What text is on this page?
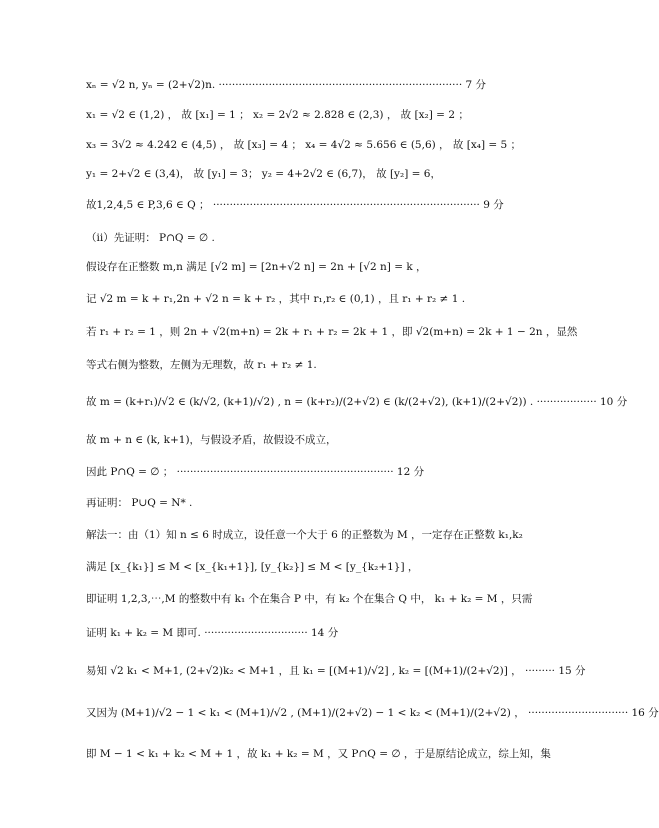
xₙ = √2 n, yₙ = (2+√2)n. ········································································· 7 分
x₁ = √2 ∈ (1,2) ， 故 [x₁] = 1 ； x₂ = 2√2 ≈ 2.828 ∈ (2,3) ， 故 [x₂] = 2 ；
x₃ = 3√2 ≈ 4.242 ∈ (4,5) ， 故 [x₃] = 4 ； x₄ = 4√2 ≈ 5.656 ∈ (5,6) ， 故 [x₄] = 5 ；
y₁ = 2+√2 ∈ (3,4)， 故 [y₁] = 3； y₂ = 4+2√2 ∈ (6,7)， 故 [y₂] = 6，
故1,2,4,5 ∈ P,3,6 ∈ Q ； ················································································ 9 分
（ii）先证明： P∩Q = ∅ .
假设存在正整数 m,n 满足 [√2 m] = [2n+√2 n] = 2n + [√2 n] = k ，
记 √2 m = k + r₁,2n + √2 n = k + r₂ ，其中 r₁,r₂ ∈ (0,1) ，且 r₁ + r₂ ≠ 1 .
若 r₁ + r₂ = 1 ，则 2n + √2(m+n) = 2k + r₁ + r₂ = 2k + 1 ，即 √2(m+n) = 2k + 1 − 2n ，显然
等式右侧为整数，左侧为无理数，故 r₁ + r₂ ≠ 1.
故 m = (k+r₁)/√2 ∈ (k/√2, (k+1)/√2) , n = (k+r₂)/(2+√2) ∈ (k/(2+√2), (k+1)/(2+√2)) . ·················· 10 分
故 m + n ∈ (k, k+1)，与假设矛盾，故假设不成立，
因此 P∩Q = ∅ ； ································································· 12 分
再证明： P∪Q = N* .
解法一：由（1）知 n ≤ 6 时成立，设任意一个大于 6 的正整数为 M ，一定存在正整数 k₁,k₂
满足 [x_{k₁}] ≤ M < [x_{k₁+1}], [y_{k₂}] ≤ M < [y_{k₂+1}] ，
即证明 1,2,3,⋯,M 的整数中有 k₁ 个在集合 P 中，有 k₂ 个在集合 Q 中， k₁ + k₂ = M ，只需
证明 k₁ + k₂ = M 即可. ······························· 14 分
易知 √2 k₁ < M+1, (2+√2)k₂ < M+1 ，且 k₁ = [(M+1)/√2] , k₂ = [(M+1)/(2+√2)] ， ········· 15 分
又因为 (M+1)/√2 − 1 < k₁ < (M+1)/√2 , (M+1)/(2+√2) − 1 < k₂ < (M+1)/(2+√2) ， ······························ 16 分
即 M − 1 < k₁ + k₂ < M + 1 ，故 k₁ + k₂ = M ，又 P∩Q = ∅ ，于是原结论成立，综上知，集
